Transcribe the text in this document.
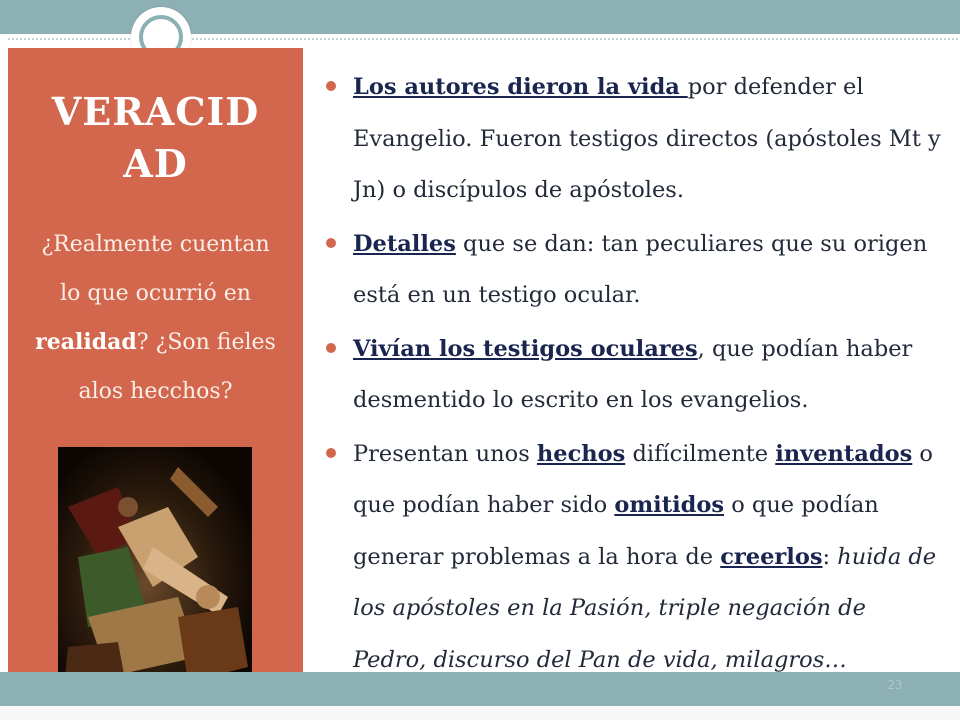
VERACID
AD
¿Realmente cuentan lo que ocurrió en realidad? ¿Son fieles alos hecchos?
Los autores dieron la vida por defender el Evangelio. Fueron testigos directos (apóstoles Mt y Jn) o discípulos de apóstoles.
Detalles que se dan: tan peculiares que su origen está en un testigo ocular.
Vivían los testigos oculares, que podían haber desmentido lo escrito en los evangelios.
Presentan unos hechos difícilmente inventados o que podían haber sido omitidos o que podían generar problemas a la hora de creerlos: huida de los apóstoles en la Pasión, triple negación de Pedro, discurso del Pan de vida, milagros…
23
